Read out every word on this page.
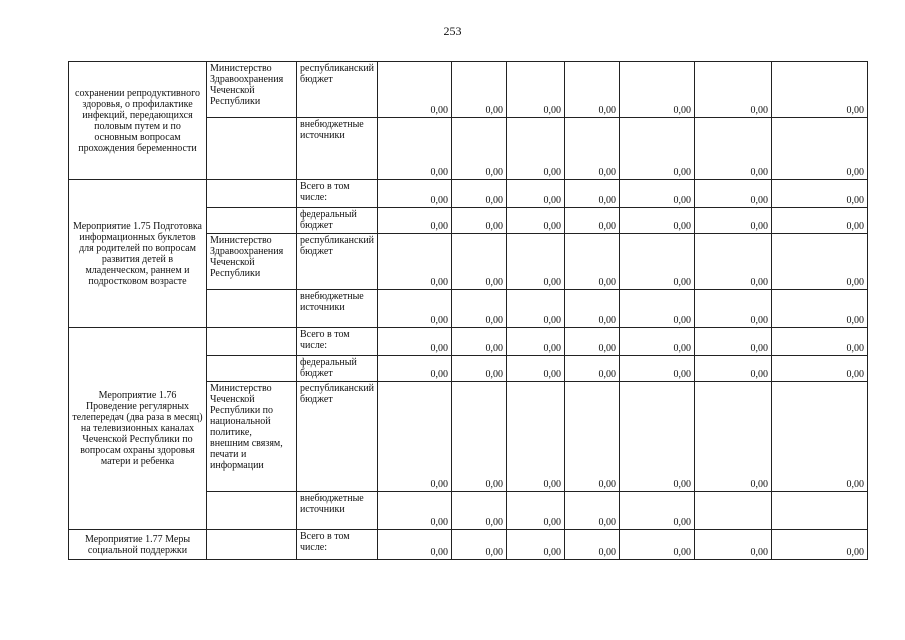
253
сохранении репродуктивного здоровья, о профилактике инфекций, передающихся половым путем и по основным вопросам прохождения беременности	Министерство Здравоохранения Чеченской Республики	республиканский бюджет	0,00	0,00	0,00	0,00	0,00	0,00	0,00
		внебюджетные источники	0,00	0,00	0,00	0,00	0,00	0,00	0,00
Мероприятие 1.75 Подготовка информационных буклетов для родителей по вопросам развития детей в младенческом, раннем и подростковом возрасте		Всего в том числе:	0,00	0,00	0,00	0,00	0,00	0,00	0,00
		федеральный бюджет	0,00	0,00	0,00	0,00	0,00	0,00	0,00
	Министерство Здравоохранения Чеченской Республики	республиканский бюджет	0,00	0,00	0,00	0,00	0,00	0,00	0,00
		внебюджетные источники	0,00	0,00	0,00	0,00	0,00	0,00	0,00
Мероприятие 1.76 Проведение регулярных телепередач (два раза в месяц) на телевизионных каналах Чеченской Республики по вопросам охраны здоровья матери и ребенка		Всего в том числе:	0,00	0,00	0,00	0,00	0,00	0,00	0,00
		федеральный бюджет	0,00	0,00	0,00	0,00	0,00	0,00	0,00
	Министерство Чеченской Республики по национальной политике, внешним связям, печати и информации	республиканский бюджет	0,00	0,00	0,00	0,00	0,00	0,00	0,00
		внебюджетные источники	0,00	0,00	0,00	0,00	0,00		
Мероприятие 1.77 Меры социальной поддержки		Всего в том числе:	0,00	0,00	0,00	0,00	0,00	0,00	0,00
